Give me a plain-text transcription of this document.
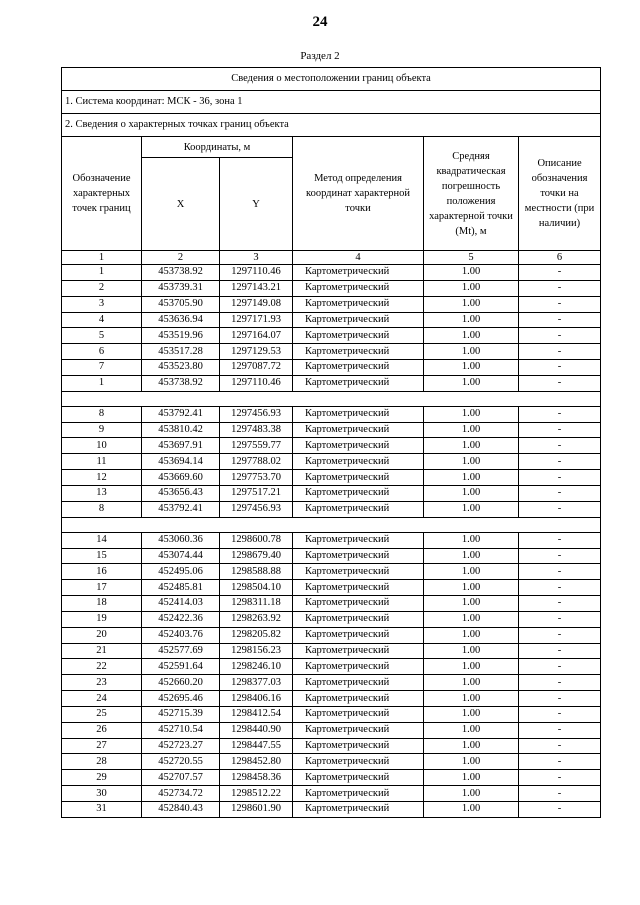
24
Раздел 2
Сведения о местоположении границ объекта					
1. Система координат: МСК - 36, зона 1					
2. Сведения о характерных точках границ объекта					
Обозначение характерных точек границ	Координаты, м		Метод определения координат характерной точки	Средняя квадратическая погрешность положения характерной точки (Mt), м	Описание обозначения точки на местности (при наличии)
	X	Y			
1	2	3	4	5	6
1	453738.92	1297110.46	Картометрический	1.00	-
2	453739.31	1297143.21	Картометрический	1.00	-
3	453705.90	1297149.08	Картометрический	1.00	-
4	453636.94	1297171.93	Картометрический	1.00	-
5	453519.96	1297164.07	Картометрический	1.00	-
6	453517.28	1297129.53	Картометрический	1.00	-
7	453523.80	1297087.72	Картометрический	1.00	-
1	453738.92	1297110.46	Картометрический	1.00	-

8	453792.41	1297456.93	Картометрический	1.00	-
9	453810.42	1297483.38	Картометрический	1.00	-
10	453697.91	1297559.77	Картометрический	1.00	-
11	453694.14	1297788.02	Картометрический	1.00	-
12	453669.60	1297753.70	Картометрический	1.00	-
13	453656.43	1297517.21	Картометрический	1.00	-
8	453792.41	1297456.93	Картометрический	1.00	-

14	453060.36	1298600.78	Картометрический	1.00	-
15	453074.44	1298679.40	Картометрический	1.00	-
16	452495.06	1298588.88	Картометрический	1.00	-
17	452485.81	1298504.10	Картометрический	1.00	-
18	452414.03	1298311.18	Картометрический	1.00	-
19	452422.36	1298263.92	Картометрический	1.00	-
20	452403.76	1298205.82	Картометрический	1.00	-
21	452577.69	1298156.23	Картометрический	1.00	-
22	452591.64	1298246.10	Картометрический	1.00	-
23	452660.20	1298377.03	Картометрический	1.00	-
24	452695.46	1298406.16	Картометрический	1.00	-
25	452715.39	1298412.54	Картометрический	1.00	-
26	452710.54	1298440.90	Картометрический	1.00	-
27	452723.27	1298447.55	Картометрический	1.00	-
28	452720.55	1298452.80	Картометрический	1.00	-
29	452707.57	1298458.36	Картометрический	1.00	-
30	452734.72	1298512.22	Картометрический	1.00	-
31	452840.43	1298601.90	Картометрический	1.00	-
